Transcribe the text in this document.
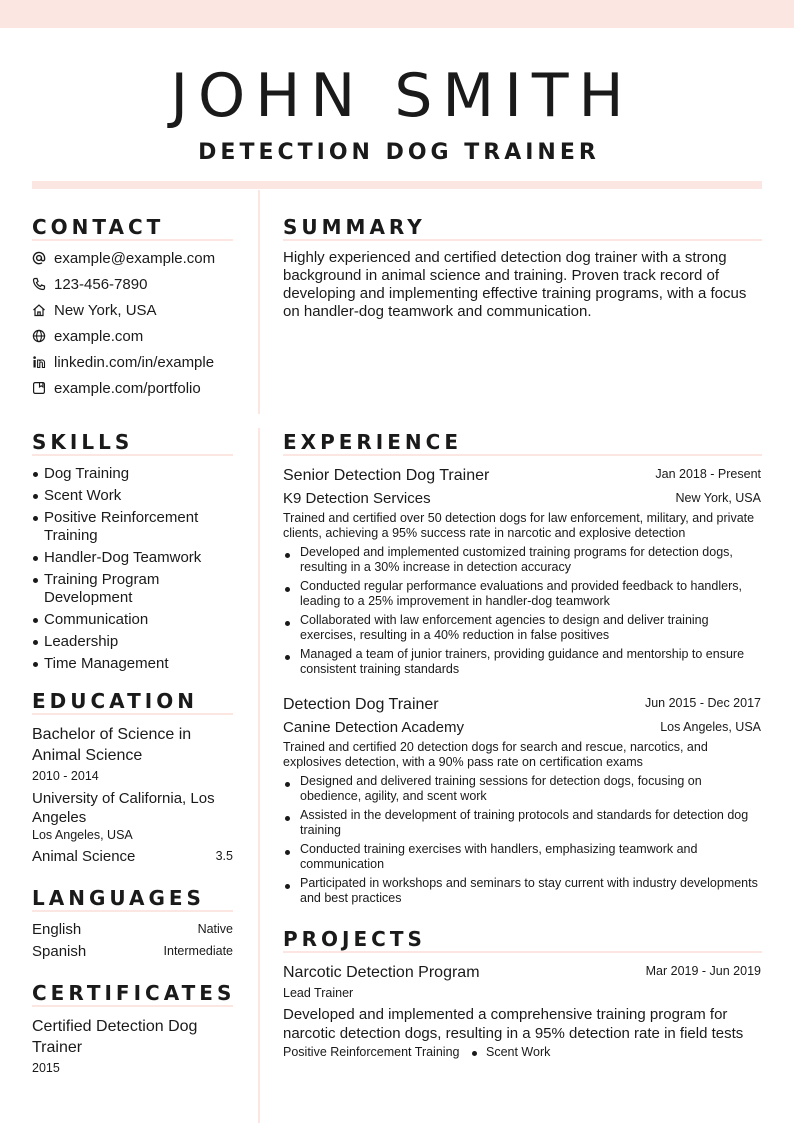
JOHN SMITH
DETECTION DOG TRAINER
CONTACT
example@example.com
123-456-7890
New York, USA
example.com
linkedin.com/in/example
example.com/portfolio
SUMMARY
Highly experienced and certified detection dog trainer with a strong background in animal science and training. Proven track record of developing and implementing effective training programs, with a focus on handler-dog teamwork and communication.
SKILLS
Dog Training
Scent Work
Positive Reinforcement Training
Handler-Dog Teamwork
Training Program Development
Communication
Leadership
Time Management
EDUCATION
Bachelor of Science in Animal Science
2010 - 2014
University of California, Los Angeles
Los Angeles, USA
Animal Science	3.5
LANGUAGES
English	Native
Spanish	Intermediate
CERTIFICATES
Certified Detection Dog Trainer
2015
EXPERIENCE
Senior Detection Dog Trainer	Jan 2018 - Present
K9 Detection Services	New York, USA
Trained and certified over 50 detection dogs for law enforcement, military, and private clients, achieving a 95% success rate in narcotic and explosive detection
Developed and implemented customized training programs for detection dogs, resulting in a 30% increase in detection accuracy
Conducted regular performance evaluations and provided feedback to handlers, leading to a 25% improvement in handler-dog teamwork
Collaborated with law enforcement agencies to design and deliver training exercises, resulting in a 40% reduction in false positives
Managed a team of junior trainers, providing guidance and mentorship to ensure consistent training standards
Detection Dog Trainer	Jun 2015 - Dec 2017
Canine Detection Academy	Los Angeles, USA
Trained and certified 20 detection dogs for search and rescue, narcotics, and explosives detection, with a 90% pass rate on certification exams
Designed and delivered training sessions for detection dogs, focusing on obedience, agility, and scent work
Assisted in the development of training protocols and standards for detection dog training
Conducted training exercises with handlers, emphasizing teamwork and communication
Participated in workshops and seminars to stay current with industry developments and best practices
PROJECTS
Narcotic Detection Program	Mar 2019 - Jun 2019
Lead Trainer
Developed and implemented a comprehensive training program for narcotic detection dogs, resulting in a 95% detection rate in field tests
Positive Reinforcement Training Scent Work
